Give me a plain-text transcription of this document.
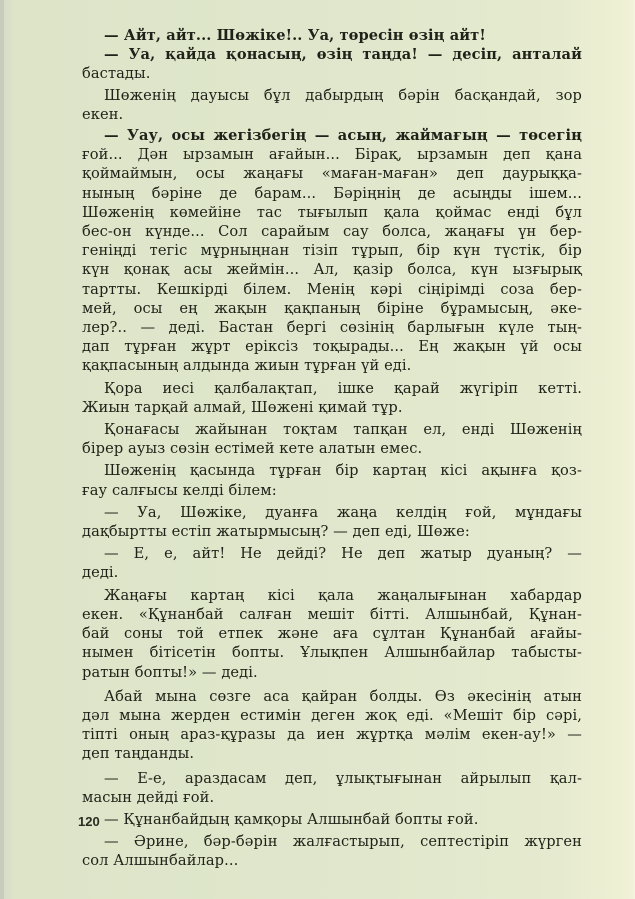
— Айт, айт... Шөжіке!.. Уа, төресін өзің айт!
— Уа, қайда қонасың, өзің таңда! — десіп, анталай
бастады.
Шөженің дауысы бұл дабырдың бәрін басқандай, зор
екен.
— Уау, осы жегізбегің — асың, жаймағың — төсегің
ғой... Дән ырзамын ағайын... Бірақ, ырзамын деп қана
қоймаймын, осы жаңағы «маған-маған» деп даурыққа-
нының бәріне де барам... Бәріңнің де асыңды ішем...
Шөженің көмейіне тас тығылып қала қоймас енді бұл
бес-он күнде... Сол сарайым сау болса, жаңағы үн бер-
геніңді тегіс мұрныңнан тізіп тұрып, бір күн түстік, бір
күн қонақ асы жеймін... Ал, қазір болса, күн ызғырық
тартты. Кешкірді білем. Менің кәрі сіңірімді созa бер-
мей, осы ең жақын қақпаның біріне бұрамысың, әке-
лер?.. — деді. Бастан бергі сөзінің барлығын күле тың-
дап тұрған жұрт еріксіз тоқырады... Ең жақын үй осы
қақпасының алдында жиын тұрған үй еді.
Қора иесі қалбалақтап, ішке қарай жүгіріп кетті.
Жиын тарқай алмай, Шөжені қимай тұр.
Қонағасы жайынан тоқтам тапқан ел, енді Шөженің
бірер ауыз сөзін естімей кете алатын емес.
Шөженің қасында тұрған бір картаң кісі ақынға қоз-
ғау салғысы келді білем:
— Уа, Шөжіке, дуанға жаңа келдің ғой, мұндағы
дақбыртты естіп жатырмысың? — деп еді, Шөже:
— Е, е, айт! Не дейді? Не деп жатыр дуаның? —
деді.
Жаңағы картаң кісі қала жаңалығынан хабардар
екен. «Құнанбай салған мешіт бітті. Алшынбай, Құнан-
бай соны той етпек және аға сұлтан Құнанбай ағайы-
нымен бітісетін бопты. Ұлықпен Алшынбайлар табысты-
ратын бопты!» — деді.
Абай мына сөзге аса қайран болды. Өз әкесінің атын
дәл мына жерден естимін деген жоқ еді. «Мешіт бір сәрі,
тіпті оның араз-құразы да иен жұртқа мәлім екен-ау!» —
деп таңданды.
— Е-е, араздасам деп, ұлықтығынан айрылып қал-
масын дейді ғой.
— Құнанбайдың қамқоры Алшынбай бопты ғой.
— Әрине, бәр-бәрін жалғастырып, септестіріп жүрген
сол Алшынбайлар...
120
